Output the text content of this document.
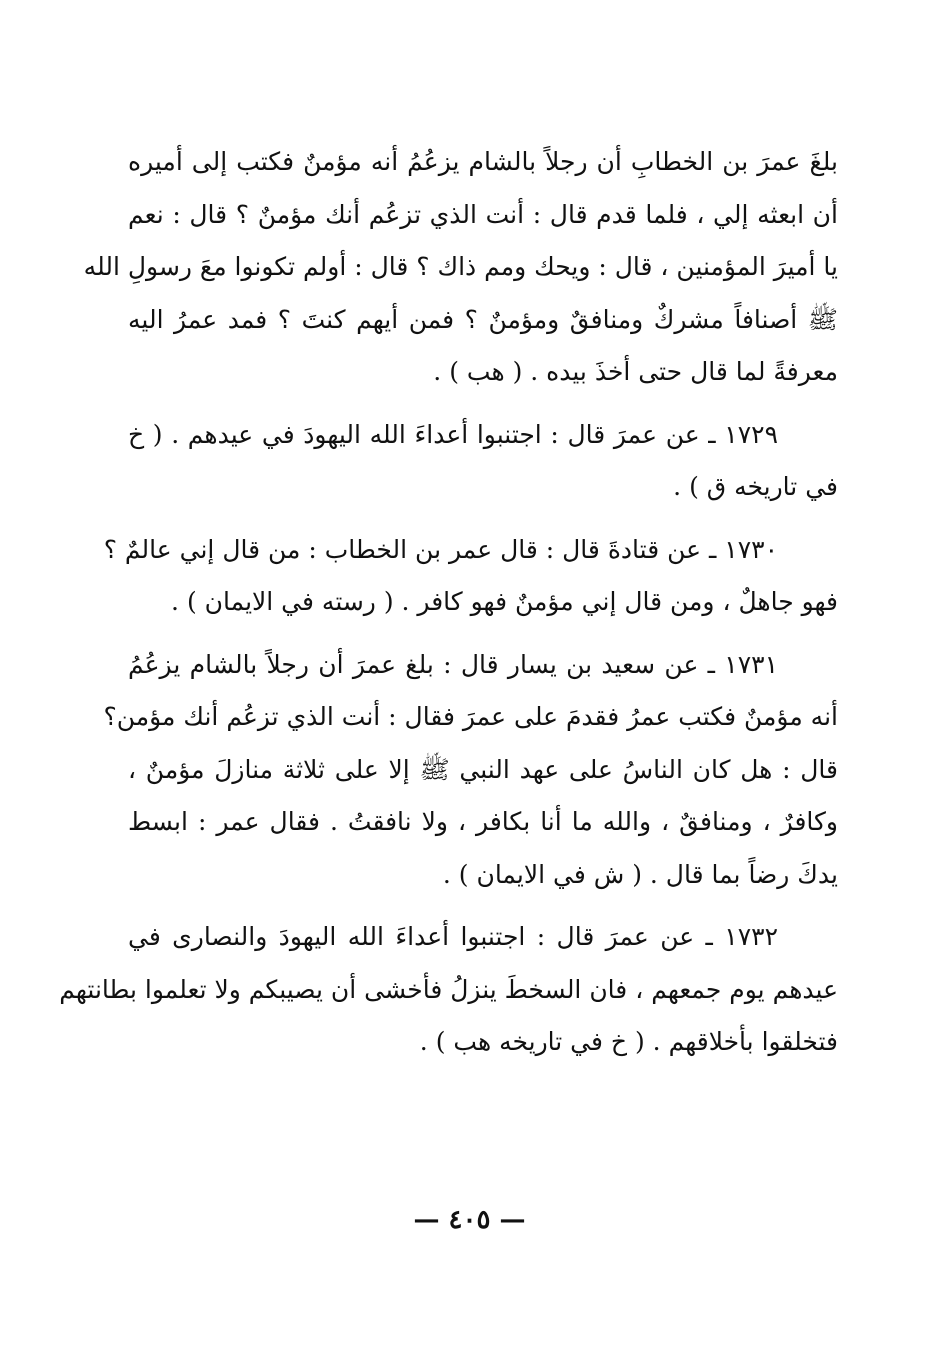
بلغَ عمرَ بن الخطابِ أن رجلاً بالشام يزعُمُ أنه مؤمنٌ فكتب إلى أميره

أن ابعثه إلي ، فلما قدم قال : أنت الذي تزعُم أنك مؤمنٌ ؟ قال : نعم

يا أميرَ المؤمنين ، قال : ويحك ومم ذاك ؟ قال : أولم تكونوا معَ رسولِ الله

ﷺ أصنافاً مشركٌ ومنافقٌ ومؤمنٌ ؟ فمن أيهم كنتَ ؟ فمد عمرُ اليه

معرفةً لما قال حتى أخذَ بيده . ( هب ) .

١٧٢٩ ـ عن عمرَ قال : اجتنبوا أعداءَ الله اليهودَ في عيدهم . ( خ

في تاريخه ق ) .

١٧٣٠ ـ عن قتادةَ قال : قال عمر بن الخطاب : من قال إني عالمٌ ؟

فهو جاهلٌ ، ومن قال إني مؤمنٌ فهو كافر . ( رسته في الايمان ) .

١٧٣١ ـ عن سعيد بن يسار قال : بلغ عمرَ أن رجلاً بالشام يزعُمُ

أنه مؤمنٌ فكتب عمرُ فقدمَ على عمرَ فقال : أنت الذي تزعُم أنك مؤمن؟

قال : هل كان الناسُ على عهد النبي ﷺ إلا على ثلاثة منازلَ مؤمنٌ ،

وكافرٌ ، ومنافقٌ ، والله ما أنا بكافر ، ولا نافقتُ . فقال عمر : ابسط

يدكَ رضاً بما قال . ( ش في الايمان ) .

١٧٣٢ ـ عن عمرَ قال : اجتنبوا أعداءَ الله اليهودَ والنصارى في

عيدهم يوم جمعهم ، فان السخطَ ينزلُ فأخشى أن يصيبكم ولا تعلموا بطانتهم

فتخلقوا بأخلاقهم . ( خ في تاريخه هب ) .

— ٤٠٥ —
